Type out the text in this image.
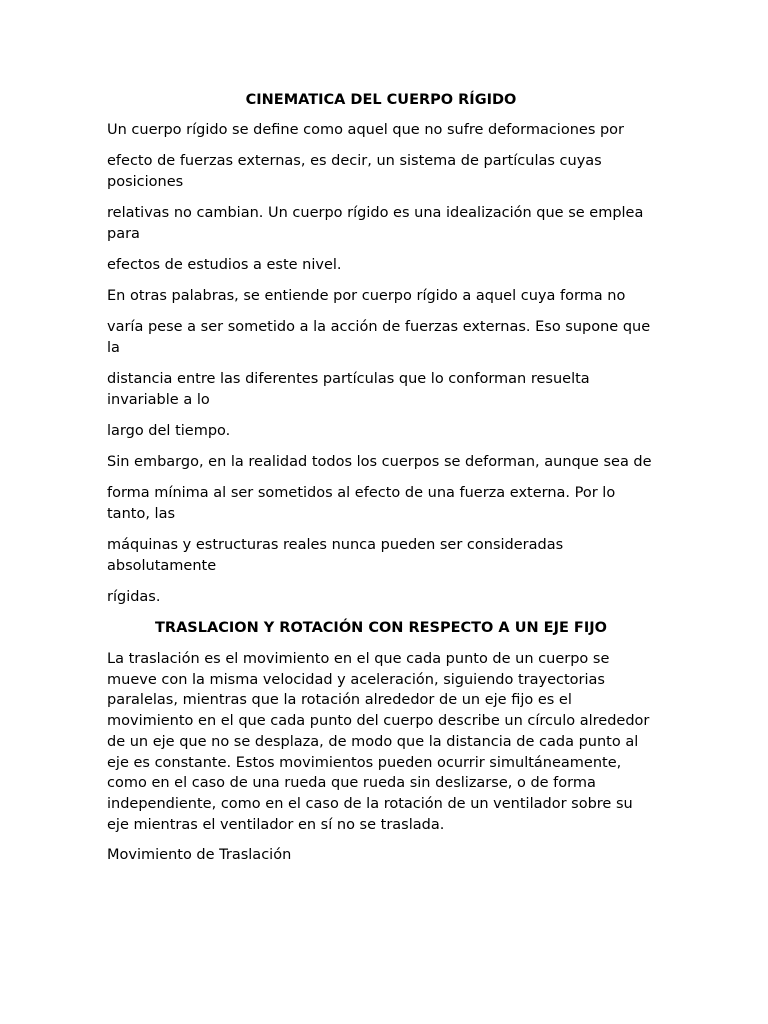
CINEMATICA DEL CUERPO RÍGIDO

Un cuerpo rígido se define como aquel que no sufre deformaciones por

efecto de fuerzas externas, es decir, un sistema de partículas cuyas posiciones

relativas no cambian. Un cuerpo rígido es una idealización que se emplea para

efectos de estudios a este nivel.

En otras palabras, se entiende por cuerpo rígido a aquel cuya forma no

varía pese a ser sometido a la acción de fuerzas externas. Eso supone que la

distancia entre las diferentes partículas que lo conforman resuelta invariable a lo

largo del tiempo.

Sin embargo, en la realidad todos los cuerpos se deforman, aunque sea de

forma mínima al ser sometidos al efecto de una fuerza externa. Por lo tanto, las

máquinas y estructuras reales nunca pueden ser consideradas absolutamente

rígidas.

TRASLACION Y ROTACIÓN CON RESPECTO A UN EJE FIJO

La traslación es el movimiento en el que cada punto de un cuerpo se mueve con la misma velocidad y aceleración, siguiendo trayectorias paralelas, mientras que la rotación alrededor de un eje fijo es el movimiento en el que cada punto del cuerpo describe un círculo alrededor de un eje que no se desplaza, de modo que la distancia de cada punto al eje es constante. Estos movimientos pueden ocurrir simultáneamente, como en el caso de una rueda que rueda sin deslizarse, o de forma independiente, como en el caso de la rotación de un ventilador sobre su eje mientras el ventilador en sí no se traslada.

Movimiento de Traslación
